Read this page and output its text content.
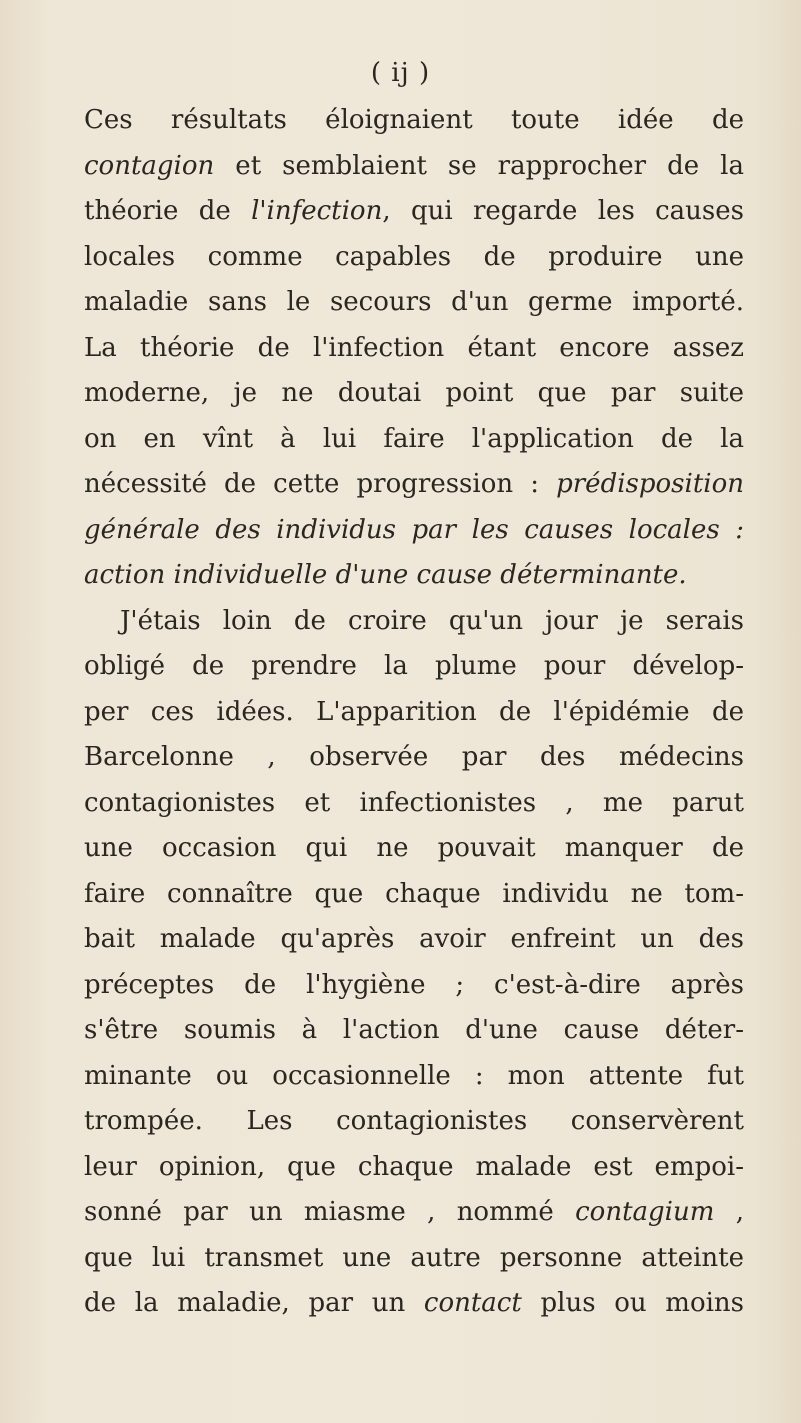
( ij )
Ces résultats éloignaient toute idée de
contagion et semblaient se rapprocher de la
théorie de l'infection, qui regarde les causes
locales comme capables de produire une
maladie sans le secours d'un germe importé.
La théorie de l'infection étant encore assez
moderne, je ne doutai point que par suite
on en vînt à lui faire l'application de la
nécessité de cette progression : prédisposition
générale des individus par les causes locales :
action individuelle d'une cause déterminante.
J'étais loin de croire qu'un jour je serais
obligé de prendre la plume pour dévelop-
per ces idées. L'apparition de l'épidémie de
Barcelonne , observée par des médecins
contagionistes et infectionistes , me parut
une occasion qui ne pouvait manquer de
faire connaître que chaque individu ne tom-
bait malade qu'après avoir enfreint un des
préceptes de l'hygiène ; c'est-à-dire après
s'être soumis à l'action d'une cause déter-
minante ou occasionnelle : mon attente fut
trompée. Les contagionistes conservèrent
leur opinion, que chaque malade est empoi-
sonné par un miasme , nommé contagium ,
que lui transmet une autre personne atteinte
de la maladie, par un contact plus ou moins
